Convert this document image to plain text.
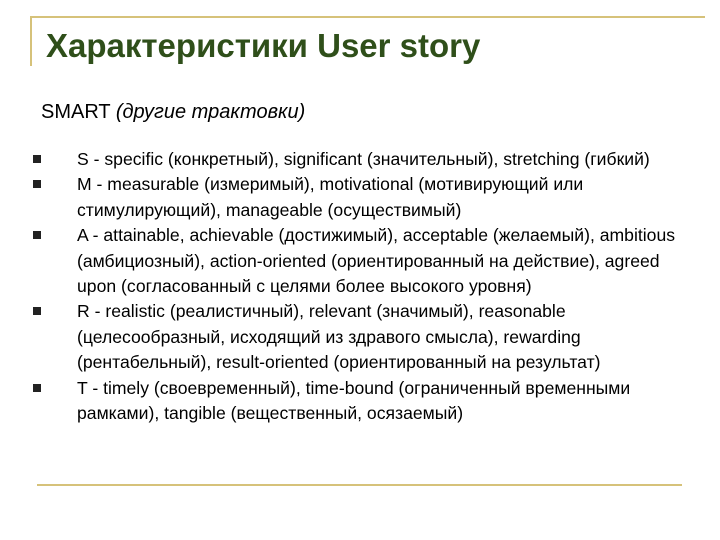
Характеристики User story

SMART (другие трактовки)

S - specific (конкретный), significant (значительный), stretching (гибкий)
M - measurable (измеримый), motivational (мотивирующий или стимулирующий), manageable (осуществимый)
A - attainable, achievable (достижимый), acceptable (желаемый), ambitious (амбициозный), action-oriented (ориентированный на действие), agreed upon (согласованный с целями более высокого уровня)
R - realistic (реалистичный), relevant (значимый), reasonable (целесообразный, исходящий из здравого смысла), rewarding (рентабельный), result-oriented (ориентированный на результат)
T - timely (своевременный), time-bound (ограниченный временными рамками), tangible (вещественный, осязаемый)
